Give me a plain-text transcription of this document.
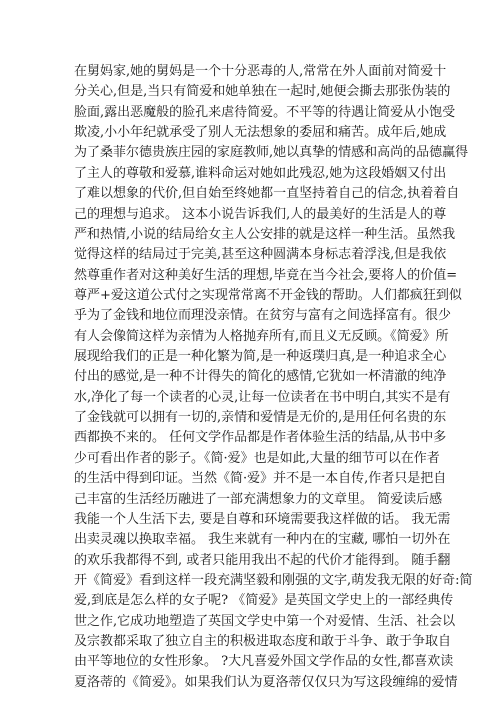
在舅妈家,她的舅妈是一个十分恶毒的人,常常在外人面前对简爱十
分关心,但是,当只有简爱和她单独在一起时,她便会撕去那张伪装的
脸面,露出恶魔般的脸孔来虐待简爱。不平等的待遇让简爱从小饱受
欺凌,小小年纪就承受了别人无法想象的委屈和痛苦。成年后,她成
为了桑菲尔德贵族庄园的家庭教师,她以真挚的情感和高尚的品德赢得
了主人的尊敬和爱慕,谁料命运对她如此残忍,她为这段婚姻又付出
了难以想象的代价,但自始至终她都一直坚持着自己的信念,执着着自
己的理想与追求。 这本小说告诉我们,人的最美好的生活是人的尊
严和热情,小说的结局给女主人公安排的就是这样一种生活。虽然我
觉得这样的结局过于完美,甚至这种圆满本身标志着浮浅,但是我依
然尊重作者对这种美好生活的理想,毕竟在当今社会,要将人的价值=
尊严+爱这道公式付之实现常常离不开金钱的帮助。人们都疯狂到似
乎为了金钱和地位而理没亲情。在贫穷与富有之间选择富有。很少
有人会像简这样为亲情为人格抛弃所有,而且义无反顾。《简爱》所
展现给我们的正是一种化繁为简,是一种返璞归真,是一种追求全心
付出的感觉,是一种不计得失的简化的感情,它犹如一杯清澈的纯净
水,净化了每一个读者的心灵,让每一位读者在书中明白,其实不是有
了金钱就可以拥有一切的,亲情和爱情是无价的,是用任何名贵的东
西都换不来的。 任何文学作品都是作者体验生活的结晶,从书中多
少可看出作者的影子。《简·爱》也是如此,大量的细节可以在作者
的生活中得到印证。当然《简·爱》并不是一本自传,作者只是把自
己丰富的生活经历融进了一部充满想象力的文章里。 简爱读后感
我能一个人生活下去, 要是自尊和环境需要我这样做的话。 我无需
出卖灵魂以换取幸福。 我生来就有一种内在的宝藏, 哪怕一切外在
的欢乐我都得不到, 或者只能用我出不起的代价才能得到。 随手翻
开《简爱》看到这样一段充满坚毅和刚强的文字,萌发我无限的好奇:简
爱,到底是怎么样的女子呢? 《简爱》是英国文学史上的一部经典传
世之作,它成功地塑造了英国文学史中第一个对爱情、生活、社会以
及宗教都采取了独立自主的积极进取态度和敢于斗争、敢于争取自
由平等地位的女性形象。 ?大凡喜爱外国文学作品的女性,都喜欢读
夏洛蒂的《简爱》。如果我们认为夏洛蒂仅仅只为写这段缠绵的爱情
